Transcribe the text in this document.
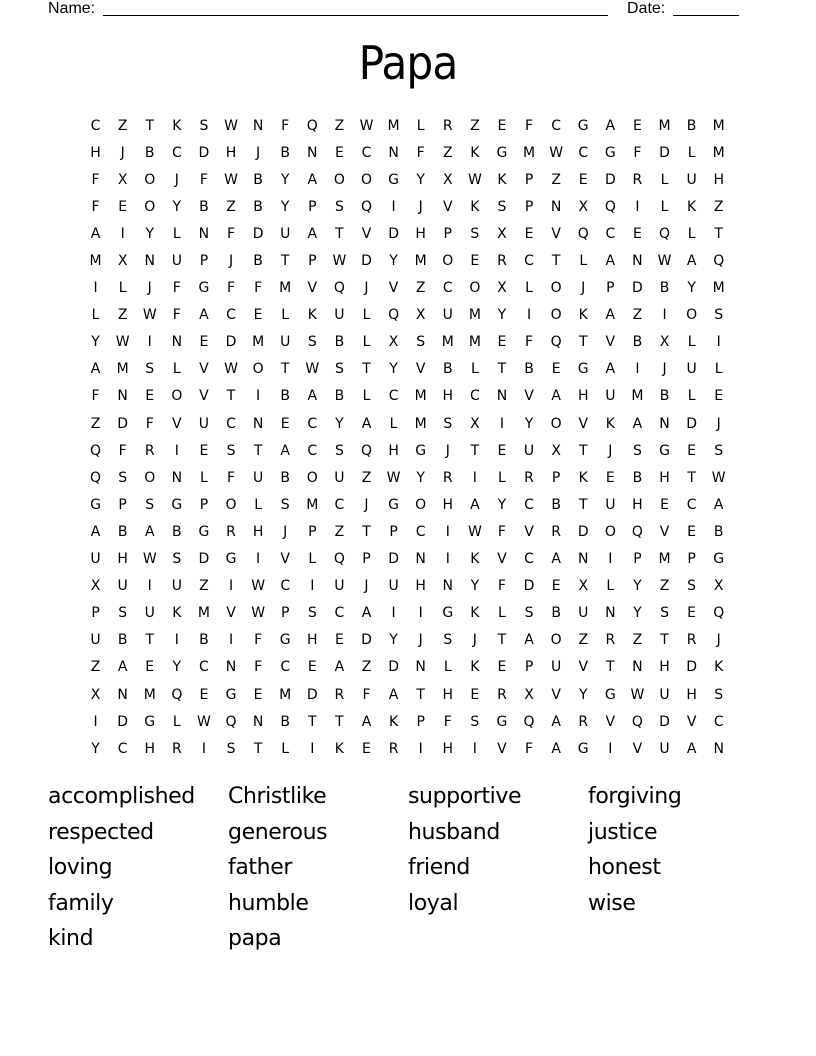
Name:	Date:
Papa
C	Z	T	K	S	W	N	F	Q	Z	W	M	L	R	Z	E	F	C	G	A	E	M	B	M
H	J	B	C	D	H	J	B	N	E	C	N	F	Z	K	G	M	W	C	G	F	D	L	M
F	X	O	J	F	W	B	Y	A	O	O	G	Y	X	W	K	P	Z	E	D	R	L	U	H
F	E	O	Y	B	Z	B	Y	P	S	Q	I	J	V	K	S	P	N	X	Q	I	L	K	Z
A	I	Y	L	N	F	D	U	A	T	V	D	H	P	S	X	E	V	Q	C	E	Q	L	T
M	X	N	U	P	J	B	T	P	W	D	Y	M	O	E	R	C	T	L	A	N	W	A	Q
I	L	J	F	G	F	F	M	V	Q	J	V	Z	C	O	X	L	O	J	P	D	B	Y	M
L	Z	W	F	A	C	E	L	K	U	L	Q	X	U	M	Y	I	O	K	A	Z	I	O	S
Y	W	I	N	E	D	M	U	S	B	L	X	S	M	M	E	F	Q	T	V	B	X	L	I
A	M	S	L	V	W	O	T	W	S	T	Y	V	B	L	T	B	E	G	A	I	J	U	L
F	N	E	O	V	T	I	B	A	B	L	C	M	H	C	N	V	A	H	U	M	B	L	E
Z	D	F	V	U	C	N	E	C	Y	A	L	M	S	X	I	Y	O	V	K	A	N	D	J
Q	F	R	I	E	S	T	A	C	S	Q	H	G	J	T	E	U	X	T	J	S	G	E	S
Q	S	O	N	L	F	U	B	O	U	Z	W	Y	R	I	L	R	P	K	E	B	H	T	W
G	P	S	G	P	O	L	S	M	C	J	G	O	H	A	Y	C	B	T	U	H	E	C	A
A	B	A	B	G	R	H	J	P	Z	T	P	C	I	W	F	V	R	D	O	Q	V	E	B
U	H	W	S	D	G	I	V	L	Q	P	D	N	I	K	V	C	A	N	I	P	M	P	G
X	U	I	U	Z	I	W	C	I	U	J	U	H	N	Y	F	D	E	X	L	Y	Z	S	X
P	S	U	K	M	V	W	P	S	C	A	I	I	G	K	L	S	B	U	N	Y	S	E	Q
U	B	T	I	B	I	F	G	H	E	D	Y	J	S	J	T	A	O	Z	R	Z	T	R	J
Z	A	E	Y	C	N	F	C	E	A	Z	D	N	L	K	E	P	U	V	T	N	H	D	K
X	N	M	Q	E	G	E	M	D	R	F	A	T	H	E	R	X	V	Y	G	W	U	H	S
I	D	G	L	W	Q	N	B	T	T	A	K	P	F	S	G	Q	A	R	V	Q	D	V	C
Y	C	H	R	I	S	T	L	I	K	E	R	I	H	I	V	F	A	G	I	V	U	A	N
accomplished
respected
loving
family
kind
Christlike
generous
father
humble
papa
supportive
husband
friend
loyal
forgiving
justice
honest
wise
